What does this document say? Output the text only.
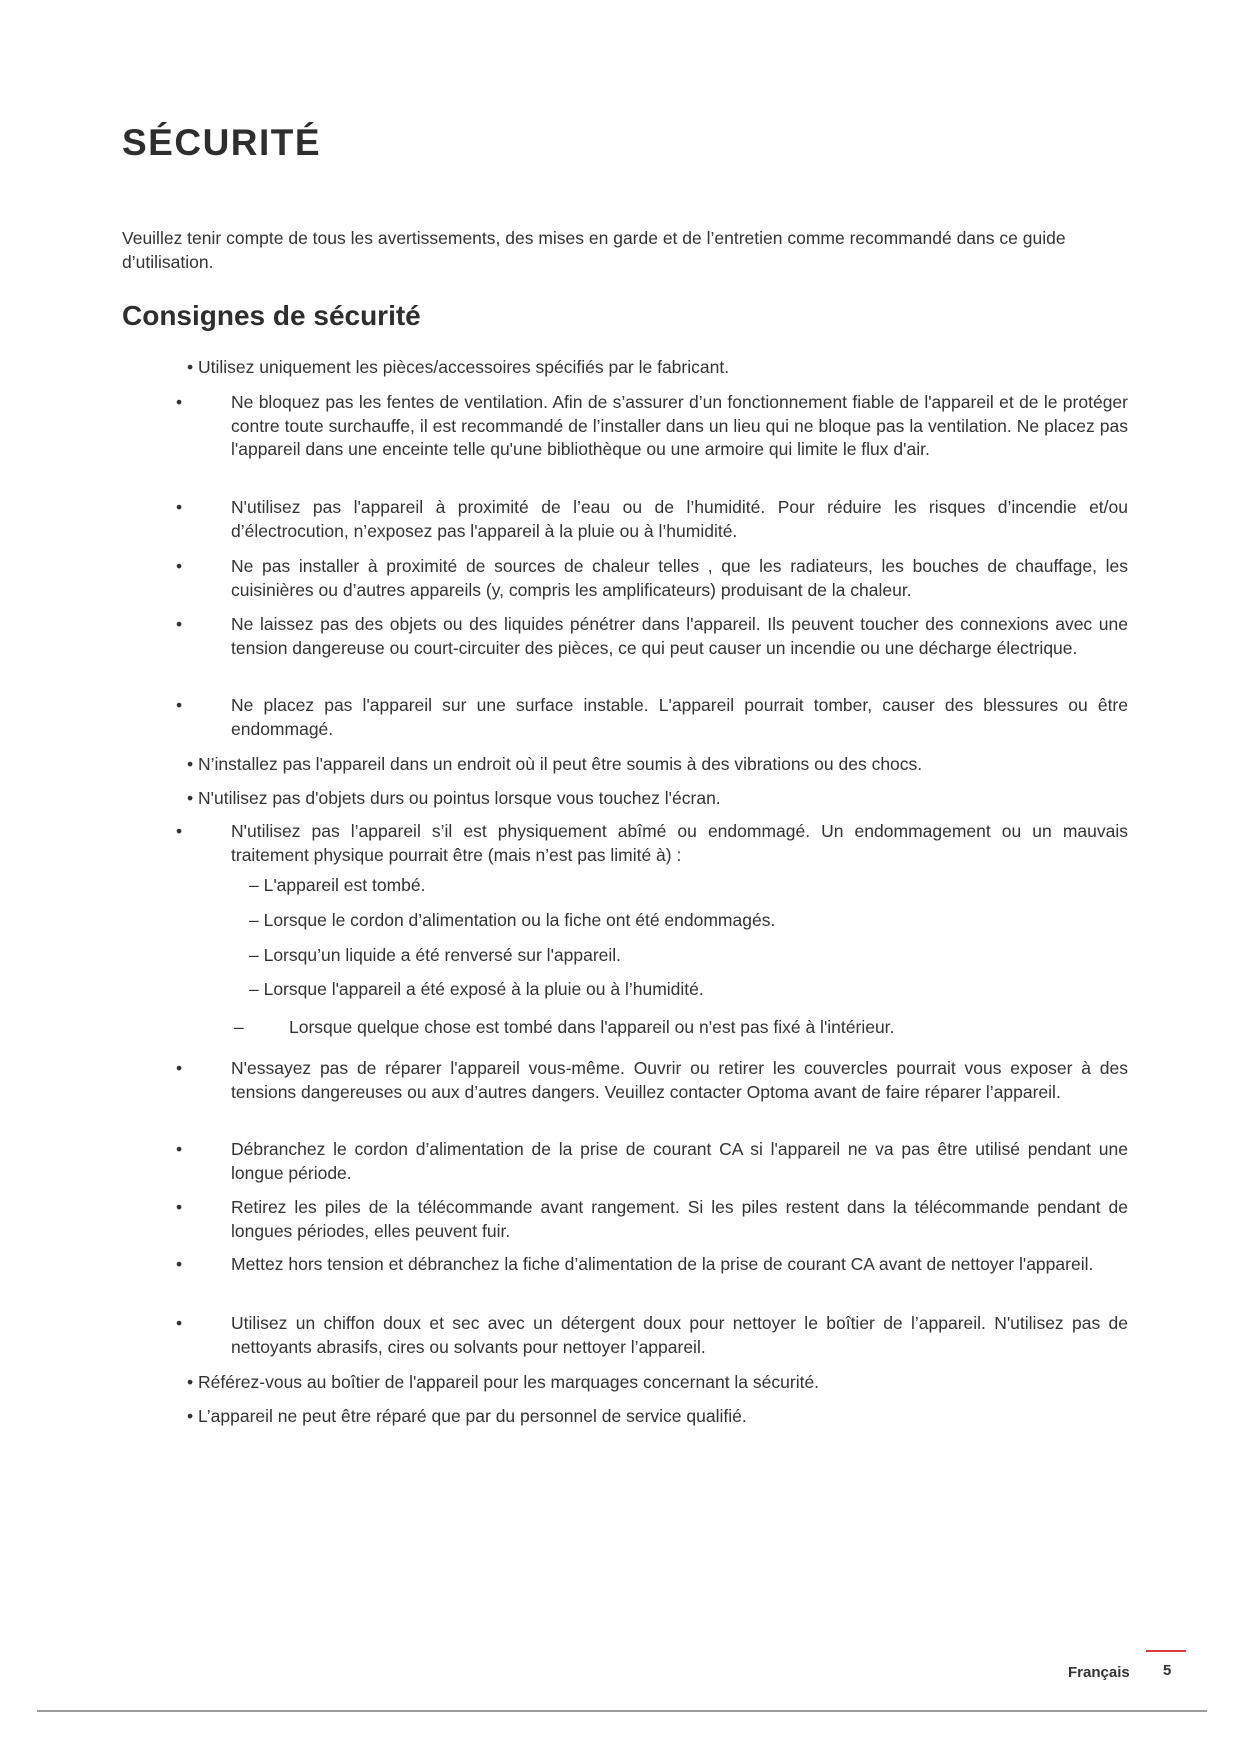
SÉCURITÉ

Veuillez tenir compte de tous les avertissements, des mises en garde et de l’entretien comme recommandé dans ce guide d’utilisation.

Consignes de sécurité

• Utilisez uniquement les pièces/accessoires spécifiés par le fabricant.

•	Ne bloquez pas les fentes de ventilation. Afin de s’assurer d’un fonctionnement fiable de l'appareil et de le protéger contre toute surchauffe, il est recommandé de l’installer dans un lieu qui ne bloque pas la ventilation. Ne placez pas l'appareil dans une enceinte telle qu'une bibliothèque ou une armoire qui limite le flux d'air.

•	N'utilisez pas l'appareil à proximité de l’eau ou de l’humidité. Pour réduire les risques d’incendie et/ou d’électrocution, n’exposez pas l'appareil à la pluie ou à l’humidité.

•	Ne pas installer à proximité de sources de chaleur telles , que les radiateurs, les bouches de chauffage, les cuisinières ou d’autres appareils (y, compris les amplificateurs) produisant de la chaleur.

•	Ne laissez pas des objets ou des liquides pénétrer dans l'appareil. Ils peuvent toucher des connexions avec une tension dangereuse ou court-circuiter des pièces, ce qui peut causer un incendie ou une décharge électrique.

•	Ne placez pas l'appareil sur une surface instable. L'appareil pourrait tomber, causer des blessures ou être endommagé.

• N’installez pas l'appareil dans un endroit où il peut être soumis à des vibrations ou des chocs.

• N'utilisez pas d'objets durs ou pointus lorsque vous touchez l'écran.

•	N'utilisez pas l’appareil s’il est physiquement abîmé ou endommagé. Un endommagement ou un mauvais traitement physique pourrait être (mais n’est pas limité à) :

– L'appareil est tombé.

– Lorsque le cordon d’alimentation ou la fiche ont été endommagés.

– Lorsqu’un liquide a été renversé sur l'appareil.

– Lorsque l'appareil a été exposé à la pluie ou à l’humidité.

–	Lorsque quelque chose est tombé dans l'appareil ou n'est pas fixé à l'intérieur.

•	N'essayez pas de réparer l'appareil vous-même. Ouvrir ou retirer les couvercles pourrait vous exposer à des tensions dangereuses ou aux d’autres dangers. Veuillez contacter Optoma avant de faire réparer l’appareil.

•	Débranchez le cordon d’alimentation de la prise de courant CA si l'appareil ne va pas être utilisé pendant une longue période.

•	Retirez les piles de la télécommande avant rangement. Si les piles restent dans la télécommande pendant de longues périodes, elles peuvent fuir.

•	Mettez hors tension et débranchez la fiche d’alimentation de la prise de courant CA avant de nettoyer l'appareil.

•	Utilisez un chiffon doux et sec avec un détergent doux pour nettoyer le boîtier de l’appareil. N'utilisez pas de nettoyants abrasifs, cires ou solvants pour nettoyer l’appareil.

• Référez-vous au boîtier de l'appareil pour les marquages concernant la sécurité.

• L’appareil ne peut être réparé que par du personnel de service qualifié.

Français 5
